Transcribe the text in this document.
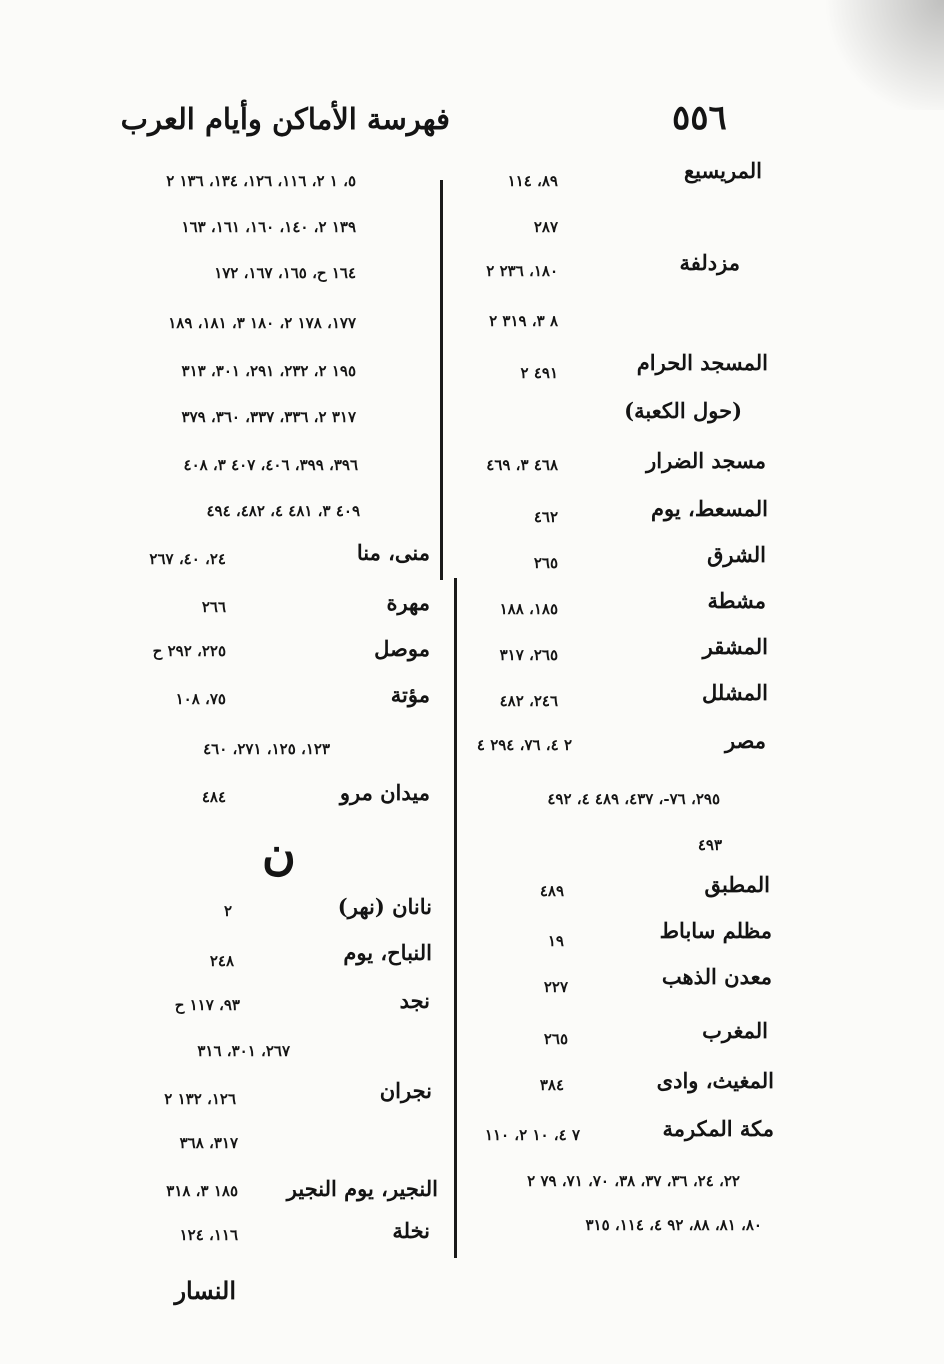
٥٥٦
فهرسة الأماكن وأيام العرب
المريسيع
٨٩، ١١٤
٢٨٧
مزدلفة
١٨٠، ٢٣٦ ٢
٨ ٣، ٣١٩ ٢
المسجد الحرام
٤٩١ ٢
(حول الكعبة)
مسجد الضرار
٤٦٨ ٣، ٤٦٩
المسعط، يوم
٤٦٢
الشرق
٢٦٥
مشطة
١٨٥، ١٨٨
المشقر
٢٦٥، ٣١٧
المشلل
٢٤٦، ٤٨٢
مصر
٢ ٤، ٧٦، ٢٩٤ ٤
٢٩٥، ٧٦-، ٤٣٧، ٤٨٩ ٤، ٤٩٢
٤٩٣
المطبق
٤٨٩
مظلم ساباط
١٩
معدن الذهب
٢٢٧
المغرب
٢٦٥
المغيث، وادى
٣٨٤
مكة المكرمة
٧ ٤، ١٠ ٢، ١١٠
٢٢، ٢٤، ٣٦، ٣٧، ٣٨، ٧٠، ٧١، ٧٩ ٢
٨٠، ٨١، ٨٨، ٩٢ ٤، ١١٤، ٣١٥
٥، ١ ٢، ١١٦، ١٢٦، ١٣٤، ١٣٦ ٢
١٣٩ ٢، ١٤٠، ١٦٠، ١٦١، ١٦٣
١٦٤ ح، ١٦٥، ١٦٧، ١٧٢
١٧٧، ١٧٨ ٢، ١٨٠ ٣، ١٨١، ١٨٩
١٩٥ ٢، ٢٣٢، ٢٩١، ٣٠١، ٣١٣
٣١٧ ٢، ٣٣٦، ٣٣٧، ٣٦٠، ٣٧٩
٣٩٦، ٣٩٩، ٤٠٦، ٤٠٧ ٣، ٤٠٨
٤٠٩ ٣، ٤٨١ ٤، ٤٨٢، ٤٩٤
منى، منا
٢٤، ٤٠، ٢٦٧
مهرة
٢٦٦
موصل
٢٢٥، ٢٩٢ ح
مؤتة
٧٥، ١٠٨
١٢٣، ١٢٥، ٢٧١، ٤٦٠
ميدان مرو
٤٨٤
ن
نانان (نهر)
٢
النباح، يوم
٢٤٨
نجد
٩٣، ١١٧ ح
٢٦٧، ٣٠١، ٣١٦
نجران
١٢٦، ١٣٢ ٢
٣١٧، ٣٦٨
النجير، يوم النجير
١٨٥ ٣، ٣١٨
نخلة
١١٦، ١٢٤
النسار
